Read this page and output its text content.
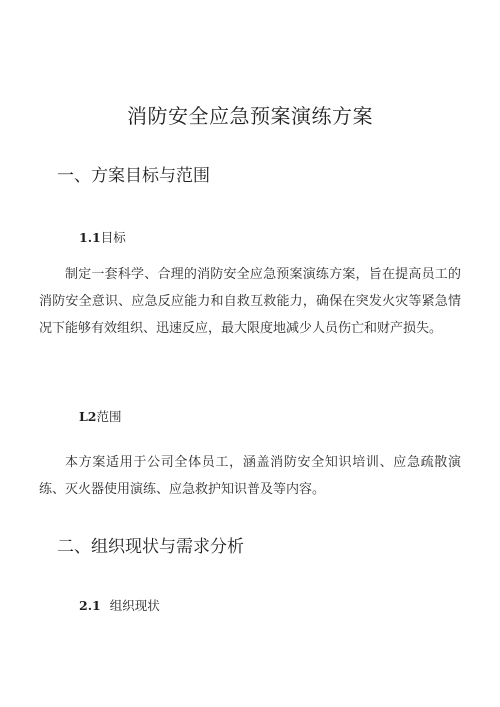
消防安全应急预案演练方案
一、方案目标与范围
1.1目标

制定一套科学、合理的消防安全应急预案演练方案，旨在提高员工的消防安全意识、应急反应能力和自救互救能力，确保在突发火灾等紧急情况下能够有效组织、迅速反应，最大限度地减少人员伤亡和财产损失。

L2范围

本方案适用于公司全体员工，涵盖消防安全知识培训、应急疏散演练、灭火器使用演练、应急救护知识普及等内容。

二、组织现状与需求分析
2.1 组织现状
